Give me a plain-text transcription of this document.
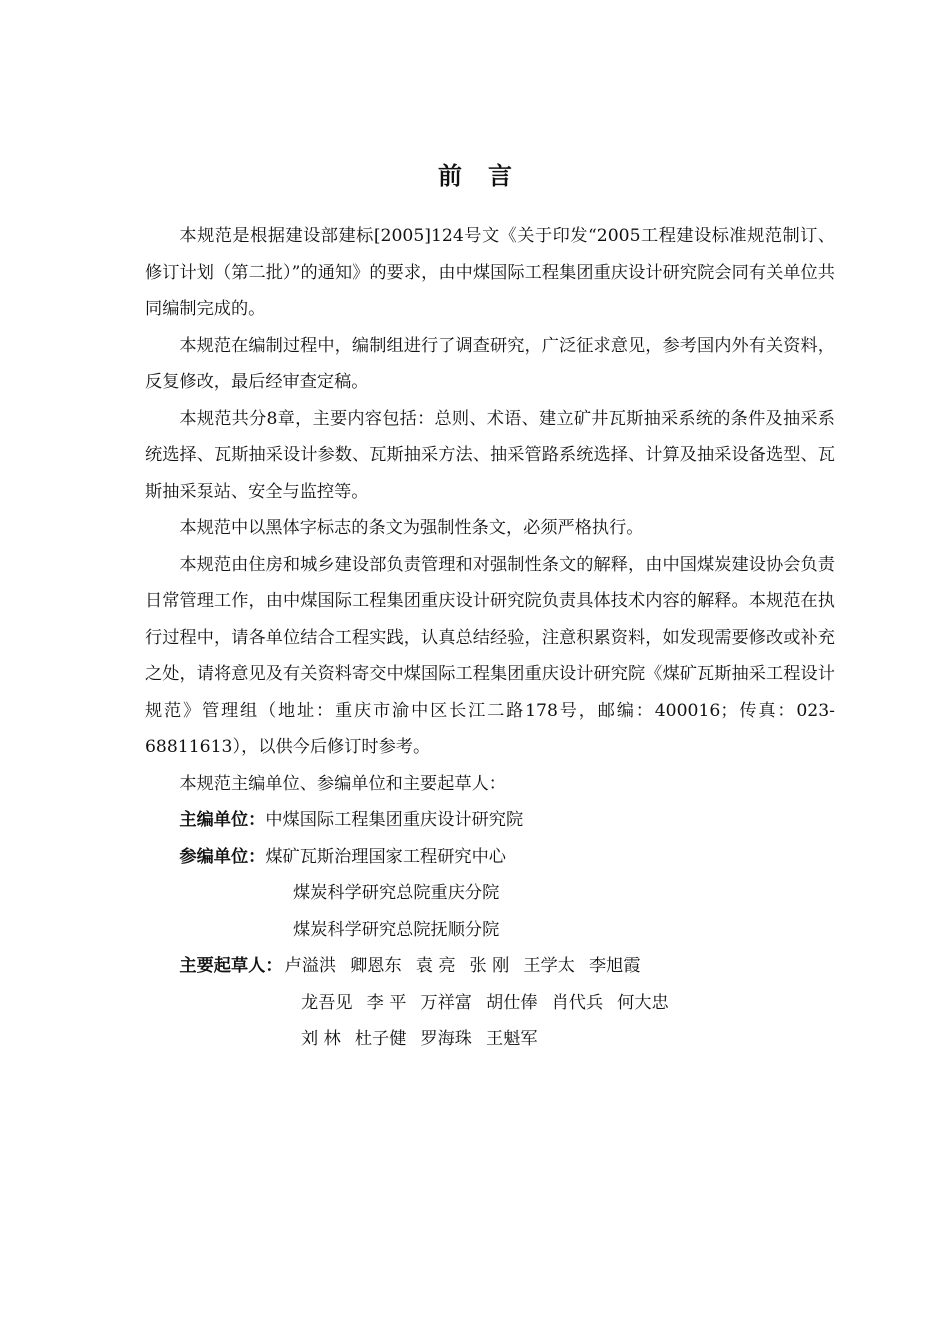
前言

本规范是根据建设部建标[2005]124号文《关于印发“2005工程建设标准规范制订、修订计划（第二批）”的通知》的要求，由中煤国际工程集团重庆设计研究院会同有关单位共同编制完成的。

本规范在编制过程中，编制组进行了调查研究，广泛征求意见，参考国内外有关资料，反复修改，最后经审查定稿。

本规范共分8章，主要内容包括：总则、术语、建立矿井瓦斯抽采系统的条件及抽采系统选择、瓦斯抽采设计参数、瓦斯抽采方法、抽采管路系统选择、计算及抽采设备选型、瓦斯抽采泵站、安全与监控等。

本规范中以黑体字标志的条文为强制性条文，必须严格执行。

本规范由住房和城乡建设部负责管理和对强制性条文的解释，由中国煤炭建设协会负责日常管理工作，由中煤国际工程集团重庆设计研究院负责具体技术内容的解释。本规范在执行过程中，请各单位结合工程实践，认真总结经验，注意积累资料，如发现需要修改或补充之处，请将意见及有关资料寄交中煤国际工程集团重庆设计研究院《煤矿瓦斯抽采工程设计规范》管理组（地址：重庆市渝中区长江二路178号，邮编：400016；传真：023-68811613），以供今后修订时参考。

本规范主编单位、参编单位和主要起草人：

主编单位：中煤国际工程集团重庆设计研究院
参编单位：煤矿瓦斯治理国家工程研究中心
煤炭科学研究总院重庆分院
煤炭科学研究总院抚顺分院
主要起草人： 卢溢洪 卿恩东 袁 亮 张 刚 王学太 李旭霞
龙吾见 李 平 万祥富 胡仕俸 肖代兵 何大忠
刘 林 杜子健 罗海珠 王魁军
